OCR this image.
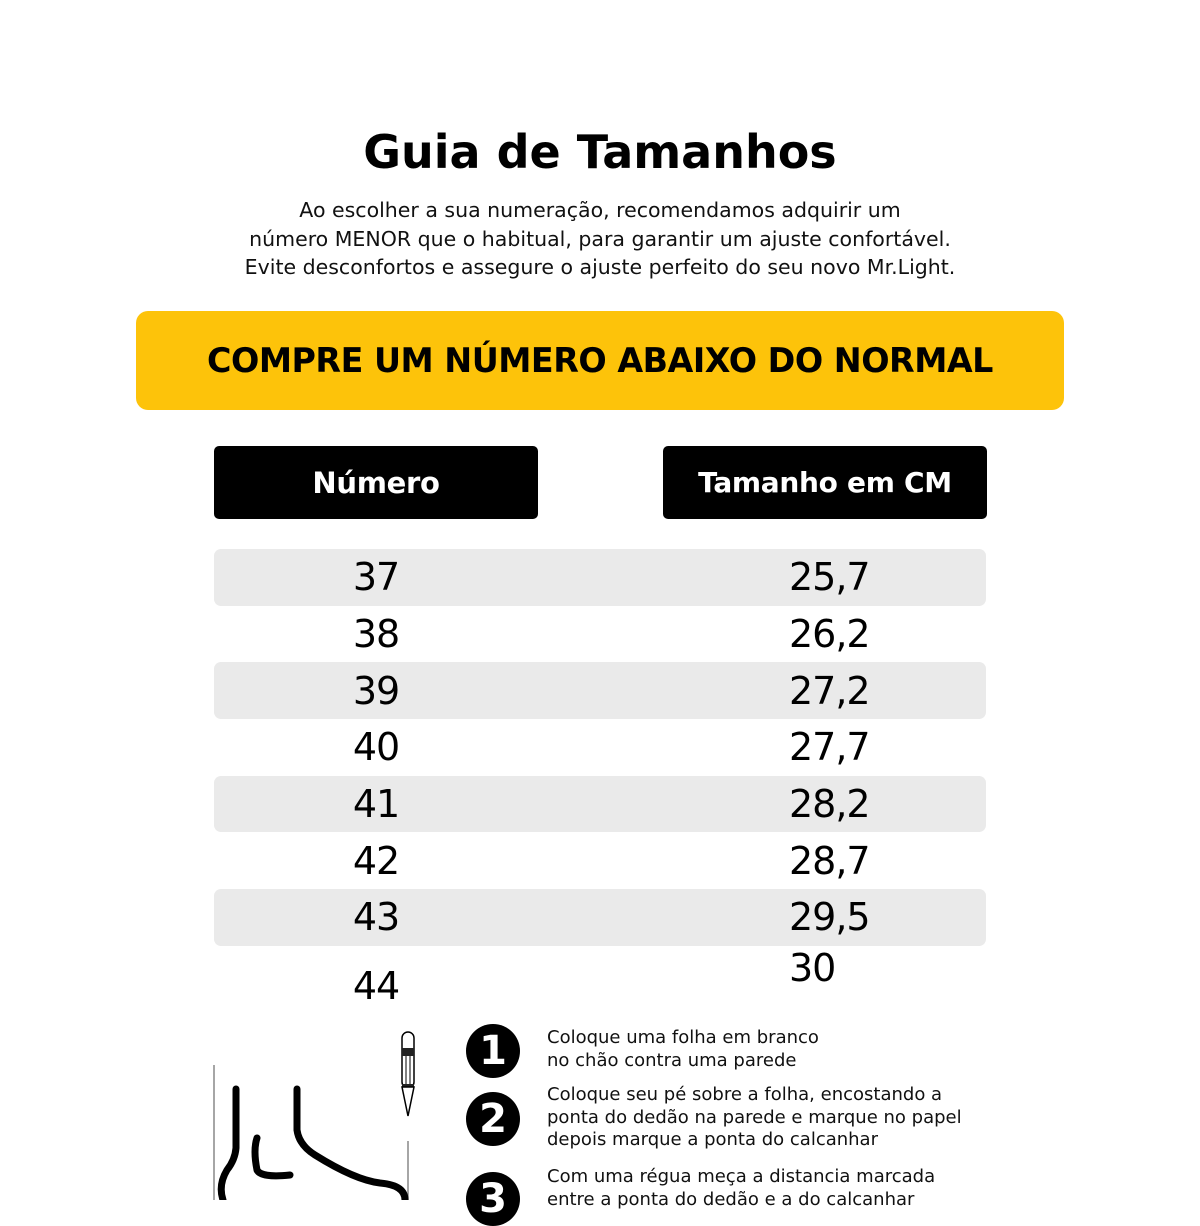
Guia de Tamanhos
Ao escolher a sua numeração, recomendamos adquirir um
número MENOR que o habitual, para garantir um ajuste confortável.
Evite desconfortos e assegure o ajuste perfeito do seu novo Mr.Light.
COMPRE UM NÚMERO ABAIXO DO NORMAL
Número	Tamanho em CM
37	25,7
38	26,2
39	27,2
40	27,7
41	28,2
42	28,7
43	29,5
44	30
1	Coloque uma folha em branco
no chão contra uma parede
2
Coloque seu pé sobre a folha, encostando a
ponta do dedão na parede e marque no papel
depois marque a ponta do calcanhar
3	Com uma régua meça a distancia marcada
entre a ponta do dedão e a do calcanhar
